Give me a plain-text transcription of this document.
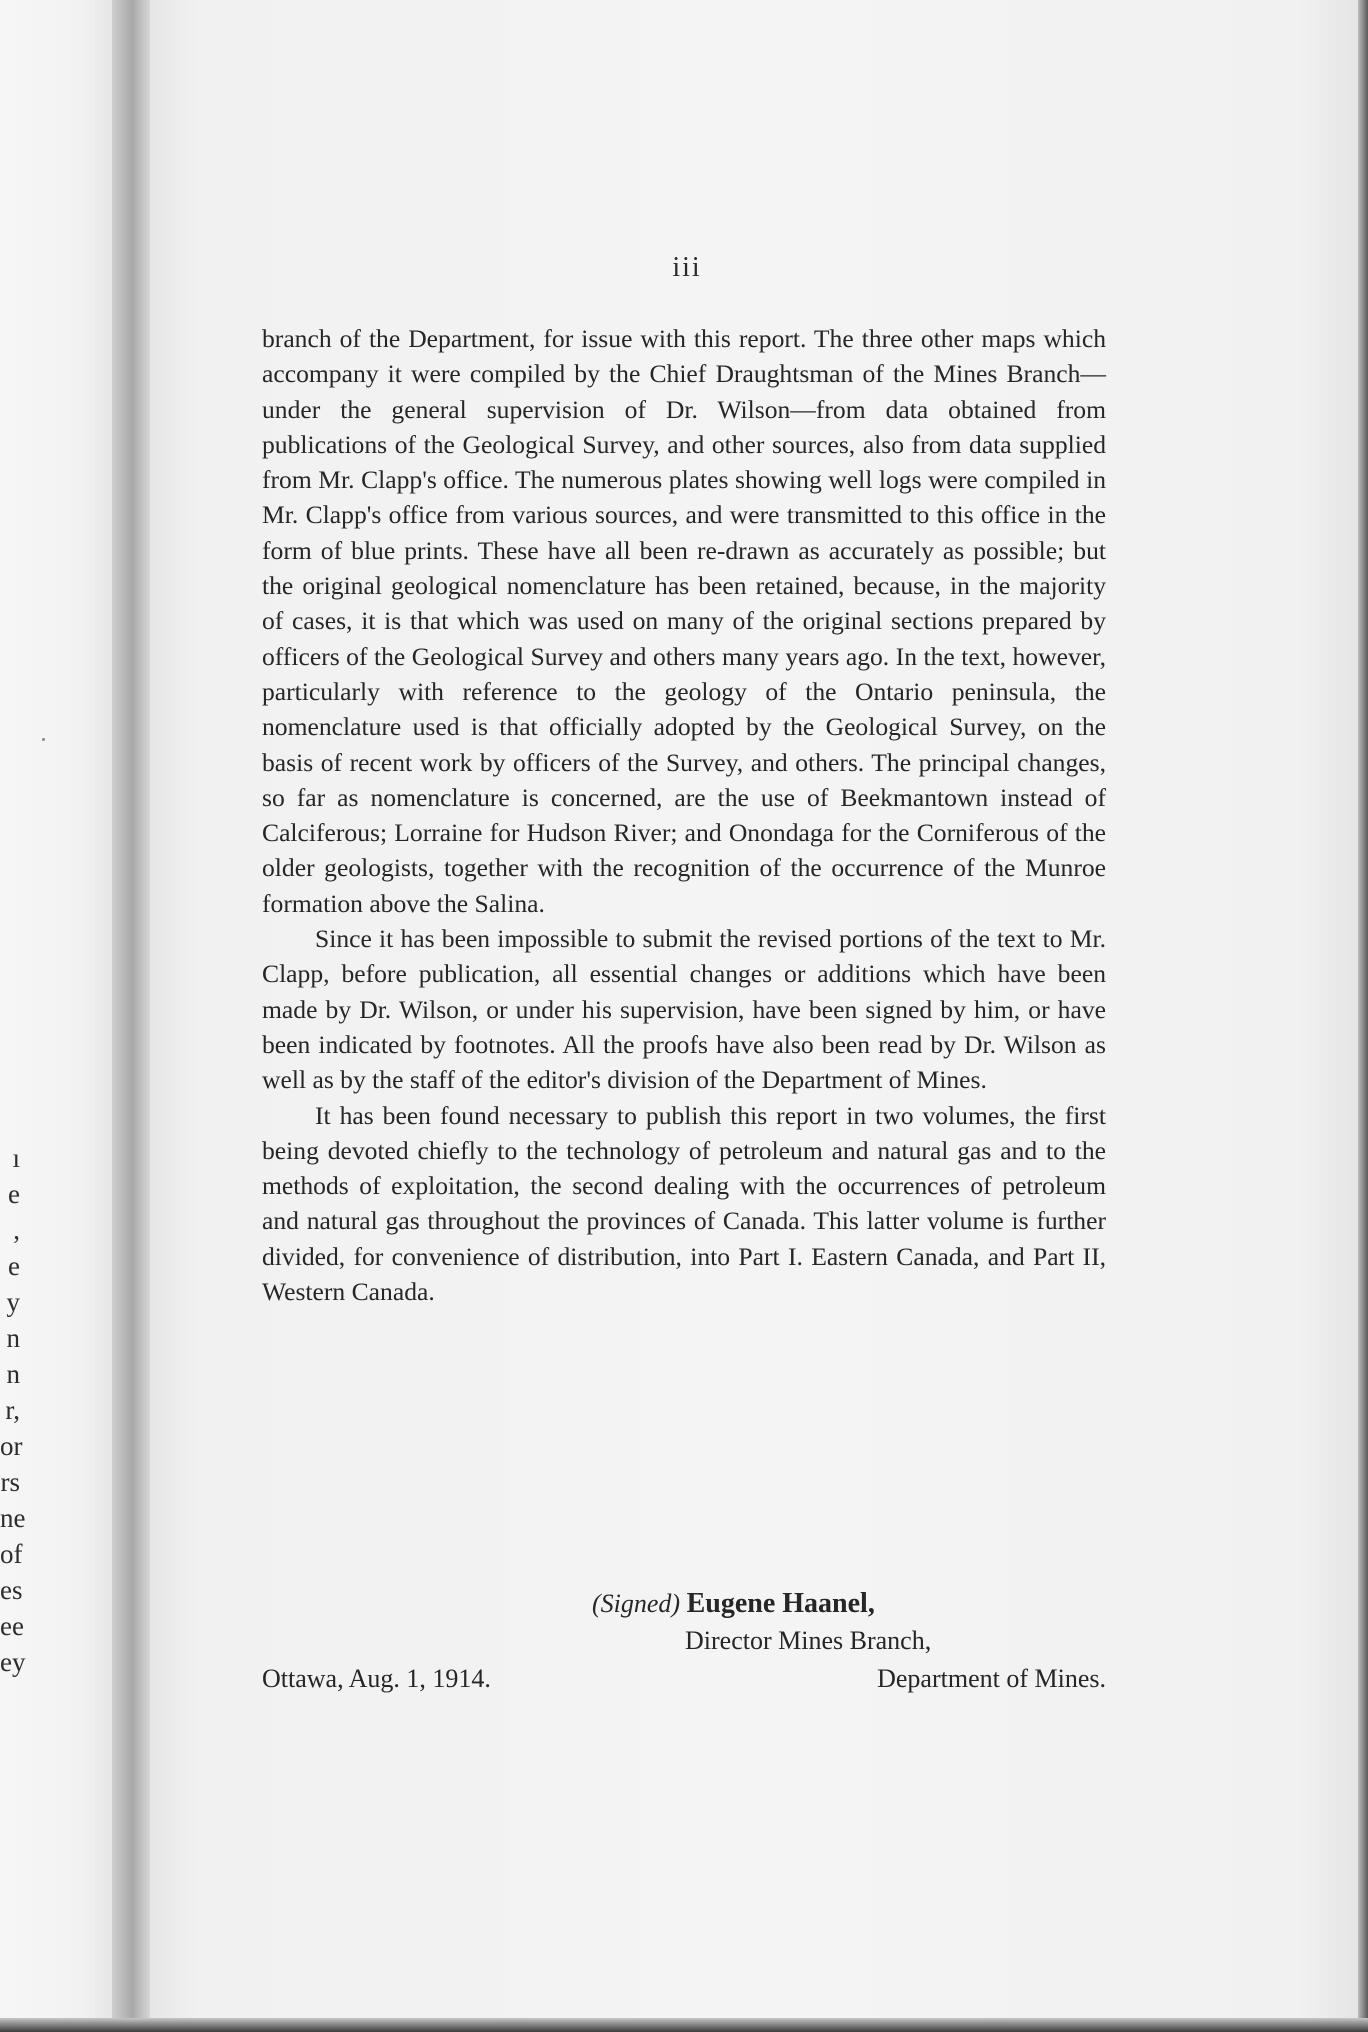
ı
e
,
e
y
n
n
r,
or
rs
ne
of
es
ee
ey
iii

branch of the Department, for issue with this report. The three other maps which accompany it were compiled by the Chief Draughtsman of the Mines Branch—under the general supervision of Dr. Wilson—from data obtained from publications of the Geological Survey, and other sources, also from data supplied from Mr. Clapp's office. The numerous plates showing well logs were compiled in Mr. Clapp's office from various sources, and were transmitted to this office in the form of blue prints. These have all been re-drawn as accurately as possible; but the original geological nomenclature has been retained, because, in the majority of cases, it is that which was used on many of the original sections prepared by officers of the Geological Survey and others many years ago. In the text, however, particularly with reference to the geology of the Ontario peninsula, the nomenclature used is that officially adopted by the Geological Survey, on the basis of recent work by officers of the Survey, and others. The principal changes, so far as nomenclature is concerned, are the use of Beekmantown instead of Calciferous; Lorraine for Hudson River; and Onondaga for the Corniferous of the older geologists, together with the recognition of the occurrence of the Munroe formation above the Salina.

Since it has been impossible to submit the revised portions of the text to Mr. Clapp, before publication, all essential changes or additions which have been made by Dr. Wilson, or under his supervision, have been signed by him, or have been indicated by footnotes. All the proofs have also been read by Dr. Wilson as well as by the staff of the editor's division of the Department of Mines.

It has been found necessary to publish this report in two volumes, the first being devoted chiefly to the technology of petroleum and natural gas and to the methods of exploitation, the second dealing with the occurrences of petroleum and natural gas throughout the provinces of Canada. This latter volume is further divided, for convenience of distribution, into Part I. Eastern Canada, and Part II, Western Canada.

(Signed) Eugene Haanel,
Director Mines Branch,
Ottawa, Aug. 1, 1914.	Department of Mines.
